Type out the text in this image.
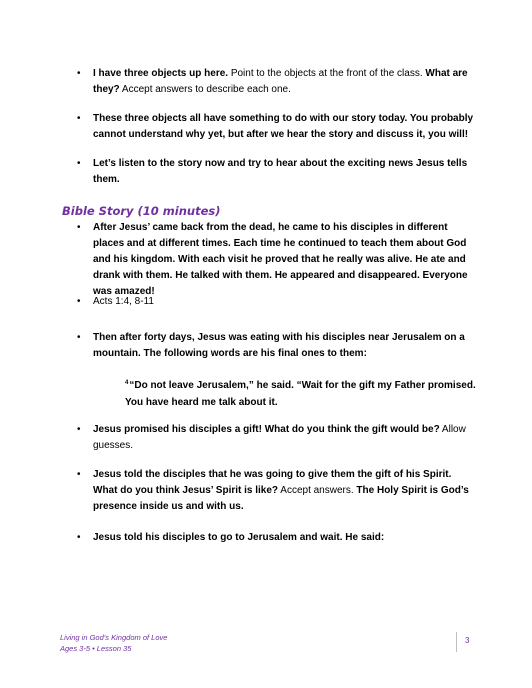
• I have three objects up here. Point to the objects at the front of the class. What are they? Accept answers to describe each one.
• These three objects all have something to do with our story today. You probably cannot understand why yet, but after we hear the story and discuss it, you will!
• Let’s listen to the story now and try to hear about the exciting news Jesus tells them.
Bible Story (10 minutes)
• After Jesus’ came back from the dead, he came to his disciples in different places and at different times. Each time he continued to teach them about God and his kingdom. With each visit he proved that he really was alive. He ate and drank with them. He talked with them. He appeared and disappeared. Everyone was amazed!
• Acts 1:4, 8-11
• Then after forty days, Jesus was eating with his disciples near Jerusalem on a mountain. The following words are his final ones to them:
$^4$“Do not leave Jerusalem,” he said. “Wait for the gift my Father promised. You have heard me talk about it.
• Jesus promised his disciples a gift! What do you think the gift would be? Allow guesses.
• Jesus told the disciples that he was going to give them the gift of his Spirit. What do you think Jesus’ Spirit is like? Accept answers. The Holy Spirit is God’s presence inside us and with us.
• Jesus told his disciples to go to Jerusalem and wait. He said:
Living in God’s Kingdom of Love
Ages 3-5 • Lesson 35
3
